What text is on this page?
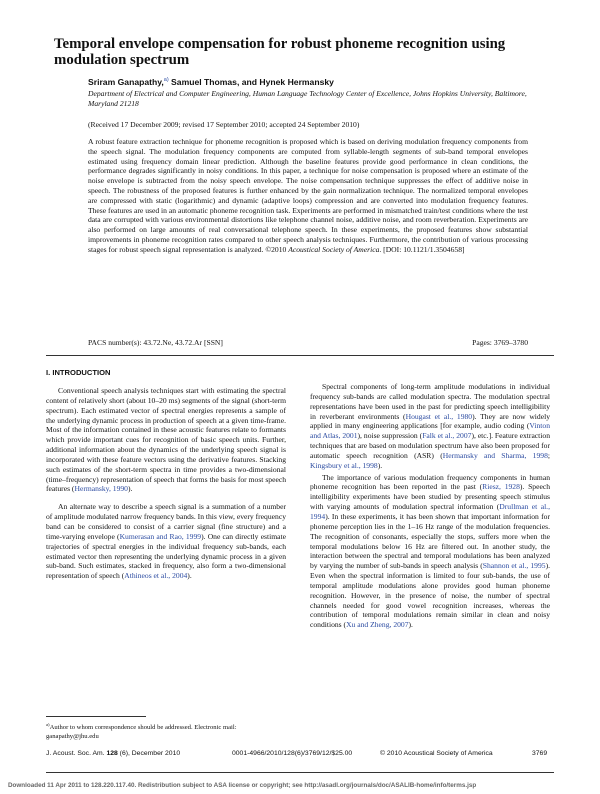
Temporal envelope compensation for robust phoneme recognition using modulation spectrum
Sriram Ganapathy,$^{a)}$ Samuel Thomas, and Hynek Hermansky
Department of Electrical and Computer Engineering, Human Language Technology Center of Excellence, Johns Hopkins University, Baltimore, Maryland 21218
(Received 17 December 2009; revised 17 September 2010; accepted 24 September 2010)
A robust feature extraction technique for phoneme recognition is proposed which is based on deriving modulation frequency components from the speech signal. The modulation frequency components are computed from syllable-length segments of sub-band temporal envelopes estimated using frequency domain linear prediction. Although the baseline features provide good performance in clean conditions, the performance degrades significantly in noisy conditions. In this paper, a technique for noise compensation is proposed where an estimate of the noise envelope is subtracted from the noisy speech envelope. The noise compensation technique suppresses the effect of additive noise in speech. The robustness of the proposed features is further enhanced by the gain normalization technique. The normalized temporal envelopes are compressed with static (logarithmic) and dynamic (adaptive loops) compression and are converted into modulation frequency features. These features are used in an automatic phoneme recognition task. Experiments are performed in mismatched train/test conditions where the test data are corrupted with various environmental distortions like telephone channel noise, additive noise, and room reverberation. Experiments are also performed on large amounts of real conversational telephone speech. In these experiments, the proposed features show substantial improvements in phoneme recognition rates compared to other speech analysis techniques. Furthermore, the contribution of various processing stages for robust speech signal representation is analyzed. ©2010 Acoustical Society of America. [DOI: 10.1121/1.3504658]
PACS number(s): 43.72.Ne, 43.72.Ar [SSN]	Pages: 3769–3780
I. INTRODUCTION

Conventional speech analysis techniques start with estimating the spectral content of relatively short (about 10–20 ms) segments of the signal (short-term spectrum). Each estimated vector of spectral energies represents a sample of the underlying dynamic process in production of speech at a given time-frame. Most of the information contained in these acoustic features relate to formants which provide important cues for recognition of basic speech units. Further, additional information about the dynamics of the underlying speech signal is incorporated with these feature vectors using the derivative features. Stacking such estimates of the short-term spectra in time provides a two-dimensional (time–frequency) representation of speech that forms the basis for most speech features (Hermansky, 1990).

An alternate way to describe a speech signal is a summation of a number of amplitude modulated narrow frequency bands. In this view, every frequency band can be considered to consist of a carrier signal (fine structure) and a time-varying envelope (Kumerasan and Rao, 1999). One can directly estimate trajectories of spectral energies in the individual frequency sub-bands, each estimated vector then representing the underlying dynamic process in a given sub-band. Such estimates, stacked in frequency, also form a two-dimensional representation of speech (Athineos et al., 2004).

Spectral components of long-term amplitude modulations in individual frequency sub-bands are called modulation spectra. The modulation spectral representations have been used in the past for predicting speech intelligibility in reverberant environments (Hougast et al., 1980). They are now widely applied in many engineering applications [for example, audio coding (Vinton and Atlas, 2001), noise suppression (Falk et al., 2007), etc.]. Feature extraction techniques that are based on modulation spectrum have also been proposed for automatic speech recognition (ASR) (Hermansky and Sharma, 1998; Kingsbury et al., 1998).

The importance of various modulation frequency components in human phoneme recognition has been reported in the past (Riesz, 1928). Speech intelligibility experiments have been studied by presenting speech stimulus with varying amounts of modulation spectral information (Drullman et al., 1994). In these experiments, it has been shown that important information for phoneme perception lies in the 1–16 Hz range of the modulation frequencies. The recognition of consonants, especially the stops, suffers more when the temporal modulations below 16 Hz are filtered out. In another study, the interaction between the spectral and temporal modulations has been analyzed by varying the number of sub-bands in speech analysis (Shannon et al., 1995). Even when the spectral information is limited to four sub-bands, the use of temporal amplitude modulations alone provides good human phoneme recognition. However, in the presence of noise, the number of spectral channels needed for good vowel recognition increases, whereas the contribution of temporal modulations remain similar in clean and noisy conditions (Xu and Zheng, 2007).

$^{a)}$Author to whom correspondence should be addressed. Electronic mail: ganapathy@jhu.edu
J. Acoust. Soc. Am. 128 (6), December 2010	0001-4966/2010/128(6)/3769/12/$25.00	© 2010 Acoustical Society of America	3769
Downloaded 11 Apr 2011 to 128.220.117.40. Redistribution subject to ASA license or copyright; see http://asadl.org/journals/doc/ASALIB-home/info/terms.jsp
